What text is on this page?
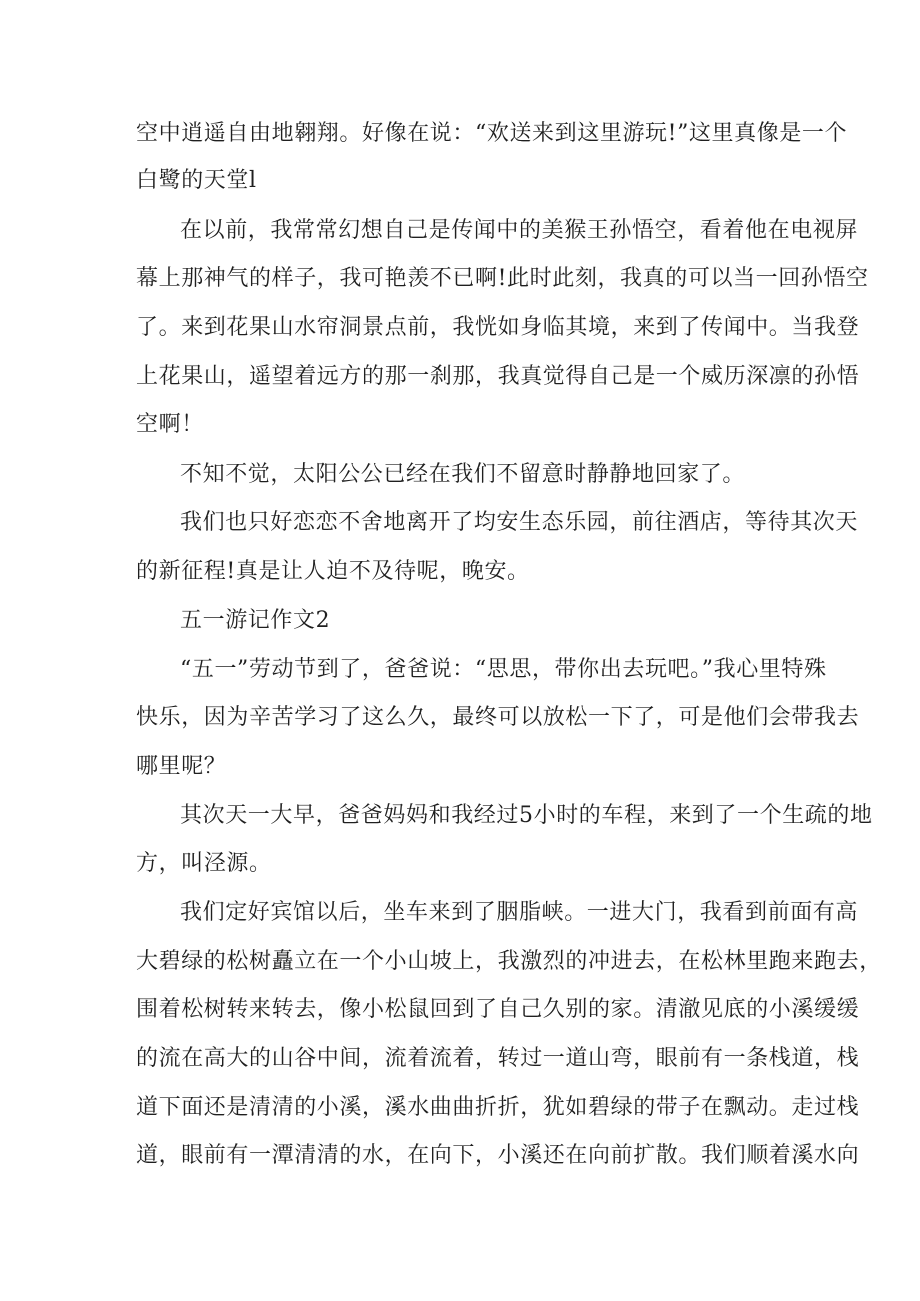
空中逍遥自由地翱翔。好像在说：“欢送来到这里游玩!”这里真像是一个
白鹭的天堂l
在以前，我常常幻想自己是传闻中的美猴王孙悟空，看着他在电视屏
幕上那神气的样子，我可艳羡不已啊!此时此刻，我真的可以当一回孙悟空
了。来到花果山水帘洞景点前，我恍如身临其境，来到了传闻中。当我登
上花果山，遥望着远方的那一刹那，我真觉得自己是一个威历深凛的孙悟
空啊！
不知不觉，太阳公公已经在我们不留意时静静地回家了。
我们也只好恋恋不舍地离开了均安生态乐园，前往酒店，等待其次天
的新征程!真是让人迫不及待呢，晚安。
五一游记作文2
“五一”劳动节到了，爸爸说：“思思，带你出去玩吧。”我心里特殊
快乐，因为辛苦学习了这么久，最终可以放松一下了，可是他们会带我去
哪里呢？
其次天一大早，爸爸妈妈和我经过5小时的车程，来到了一个生疏的地
方，叫泾源。
我们定好宾馆以后，坐车来到了胭脂峡。一进大门，我看到前面有高
大碧绿的松树矗立在一个小山坡上，我激烈的冲进去，在松林里跑来跑去，
围着松树转来转去，像小松鼠回到了自己久别的家。清澈见底的小溪缓缓
的流在高大的山谷中间，流着流着，转过一道山弯，眼前有一条栈道，栈
道下面还是清清的小溪，溪水曲曲折折，犹如碧绿的带子在飘动。走过栈
道，眼前有一潭清清的水，在向下，小溪还在向前扩散。我们顺着溪水向
